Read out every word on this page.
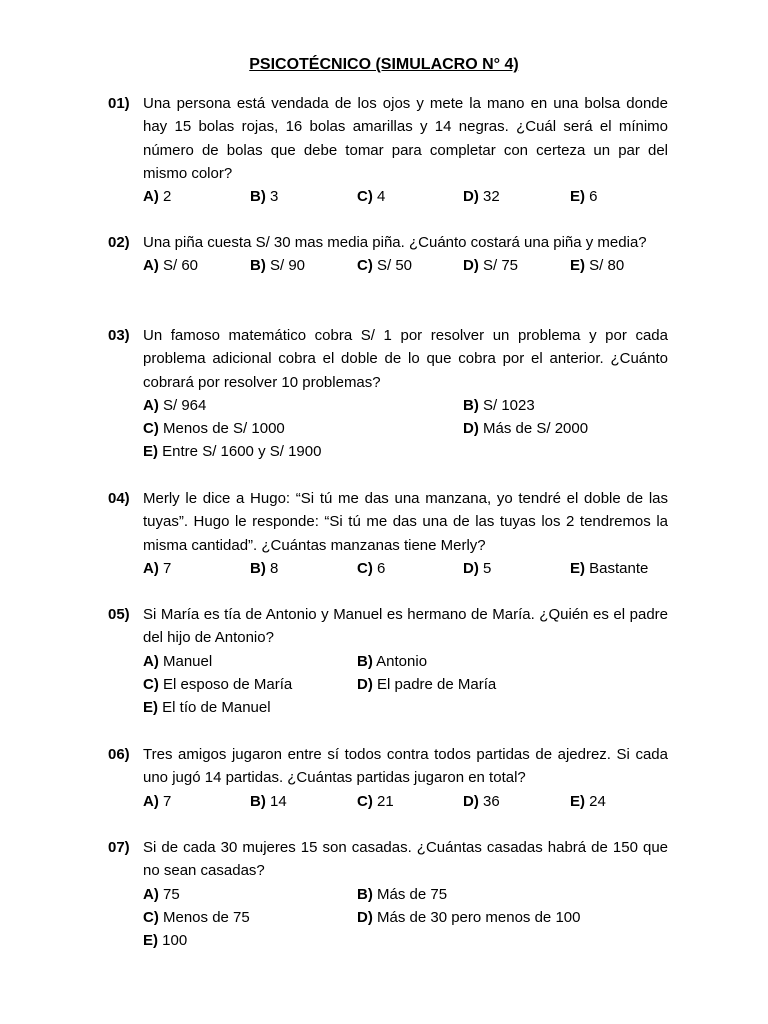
PSICOTÉCNICO (SIMULACRO N° 4)
01) Una persona está vendada de los ojos y mete la mano en una bolsa donde hay 15 bolas rojas, 16 bolas amarillas y 14 negras. ¿Cuál será el mínimo número de bolas que debe tomar para completar con certeza un par del mismo color?
A) 2	B) 3	C) 4	D) 32	E) 6
02) Una piña cuesta S/ 30 mas media piña. ¿Cuánto costará una piña y media?
A) S/ 60	B) S/ 90	C) S/ 50	D) S/ 75	E) S/ 80
03) Un famoso matemático cobra S/ 1 por resolver un problema y por cada problema adicional cobra el doble de lo que cobra por el anterior. ¿Cuánto cobrará por resolver 10 problemas?
A) S/ 964	B) S/ 1023
C) Menos de S/ 1000	D) Más de S/ 2000
E) Entre S/ 1600 y S/ 1900
04) Merly le dice a Hugo: “Si tú me das una manzana, yo tendré el doble de las tuyas”. Hugo le responde: “Si tú me das una de las tuyas los 2 tendremos la misma cantidad”. ¿Cuántas manzanas tiene Merly?
A) 7	B) 8	C) 6	D) 5	E) Bastante
05) Si María es tía de Antonio y Manuel es hermano de María. ¿Quién es el padre del hijo de Antonio?
A) Manuel	B) Antonio
C) El esposo de María	D) El padre de María
E) El tío de Manuel
06) Tres amigos jugaron entre sí todos contra todos partidas de ajedrez. Si cada uno jugó 14 partidas. ¿Cuántas partidas jugaron en total?
A) 7	B) 14	C) 21	D) 36	E) 24
07) Si de cada 30 mujeres 15 son casadas. ¿Cuántas casadas habrá de 150 que no sean casadas?
A) 75	B) Más de 75
C) Menos de 75	D) Más de 30 pero menos de 100
E) 100
